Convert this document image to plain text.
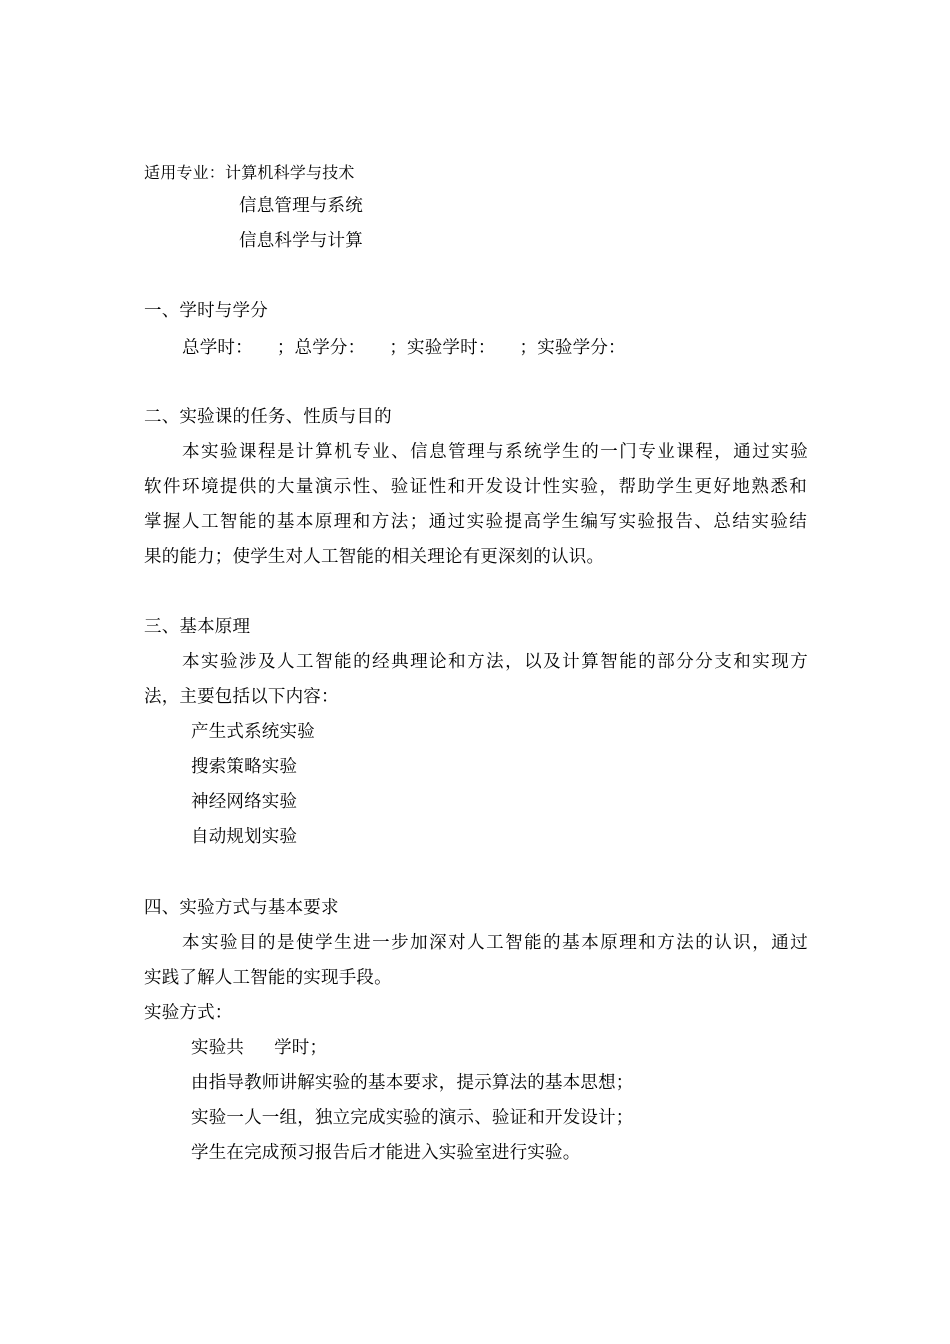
适用专业：计算机科学与技术
信息管理与系统
信息科学与计算
一、学时与学分
总学时： ；总学分： ；实验学时： ；实验学分：
二、实验课的任务、性质与目的
本实验课程是计算机专业、信息管理与系统学生的一门专业课程，通过实验
软件环境提供的大量演示性、验证性和开发设计性实验，帮助学生更好地熟悉和
掌握人工智能的基本原理和方法；通过实验提高学生编写实验报告、总结实验结
果的能力；使学生对人工智能的相关理论有更深刻的认识。
三、基本原理
本实验涉及人工智能的经典理论和方法，以及计算智能的部分分支和实现方
法，主要包括以下内容：
产生式系统实验
搜索策略实验
神经网络实验
自动规划实验
四、实验方式与基本要求
本实验目的是使学生进一步加深对人工智能的基本原理和方法的认识，通过
实践了解人工智能的实现手段。
实验方式：
实验共 学时；
由指导教师讲解实验的基本要求，提示算法的基本思想；
实验一人一组，独立完成实验的演示、验证和开发设计；
学生在完成预习报告后才能进入实验室进行实验。
